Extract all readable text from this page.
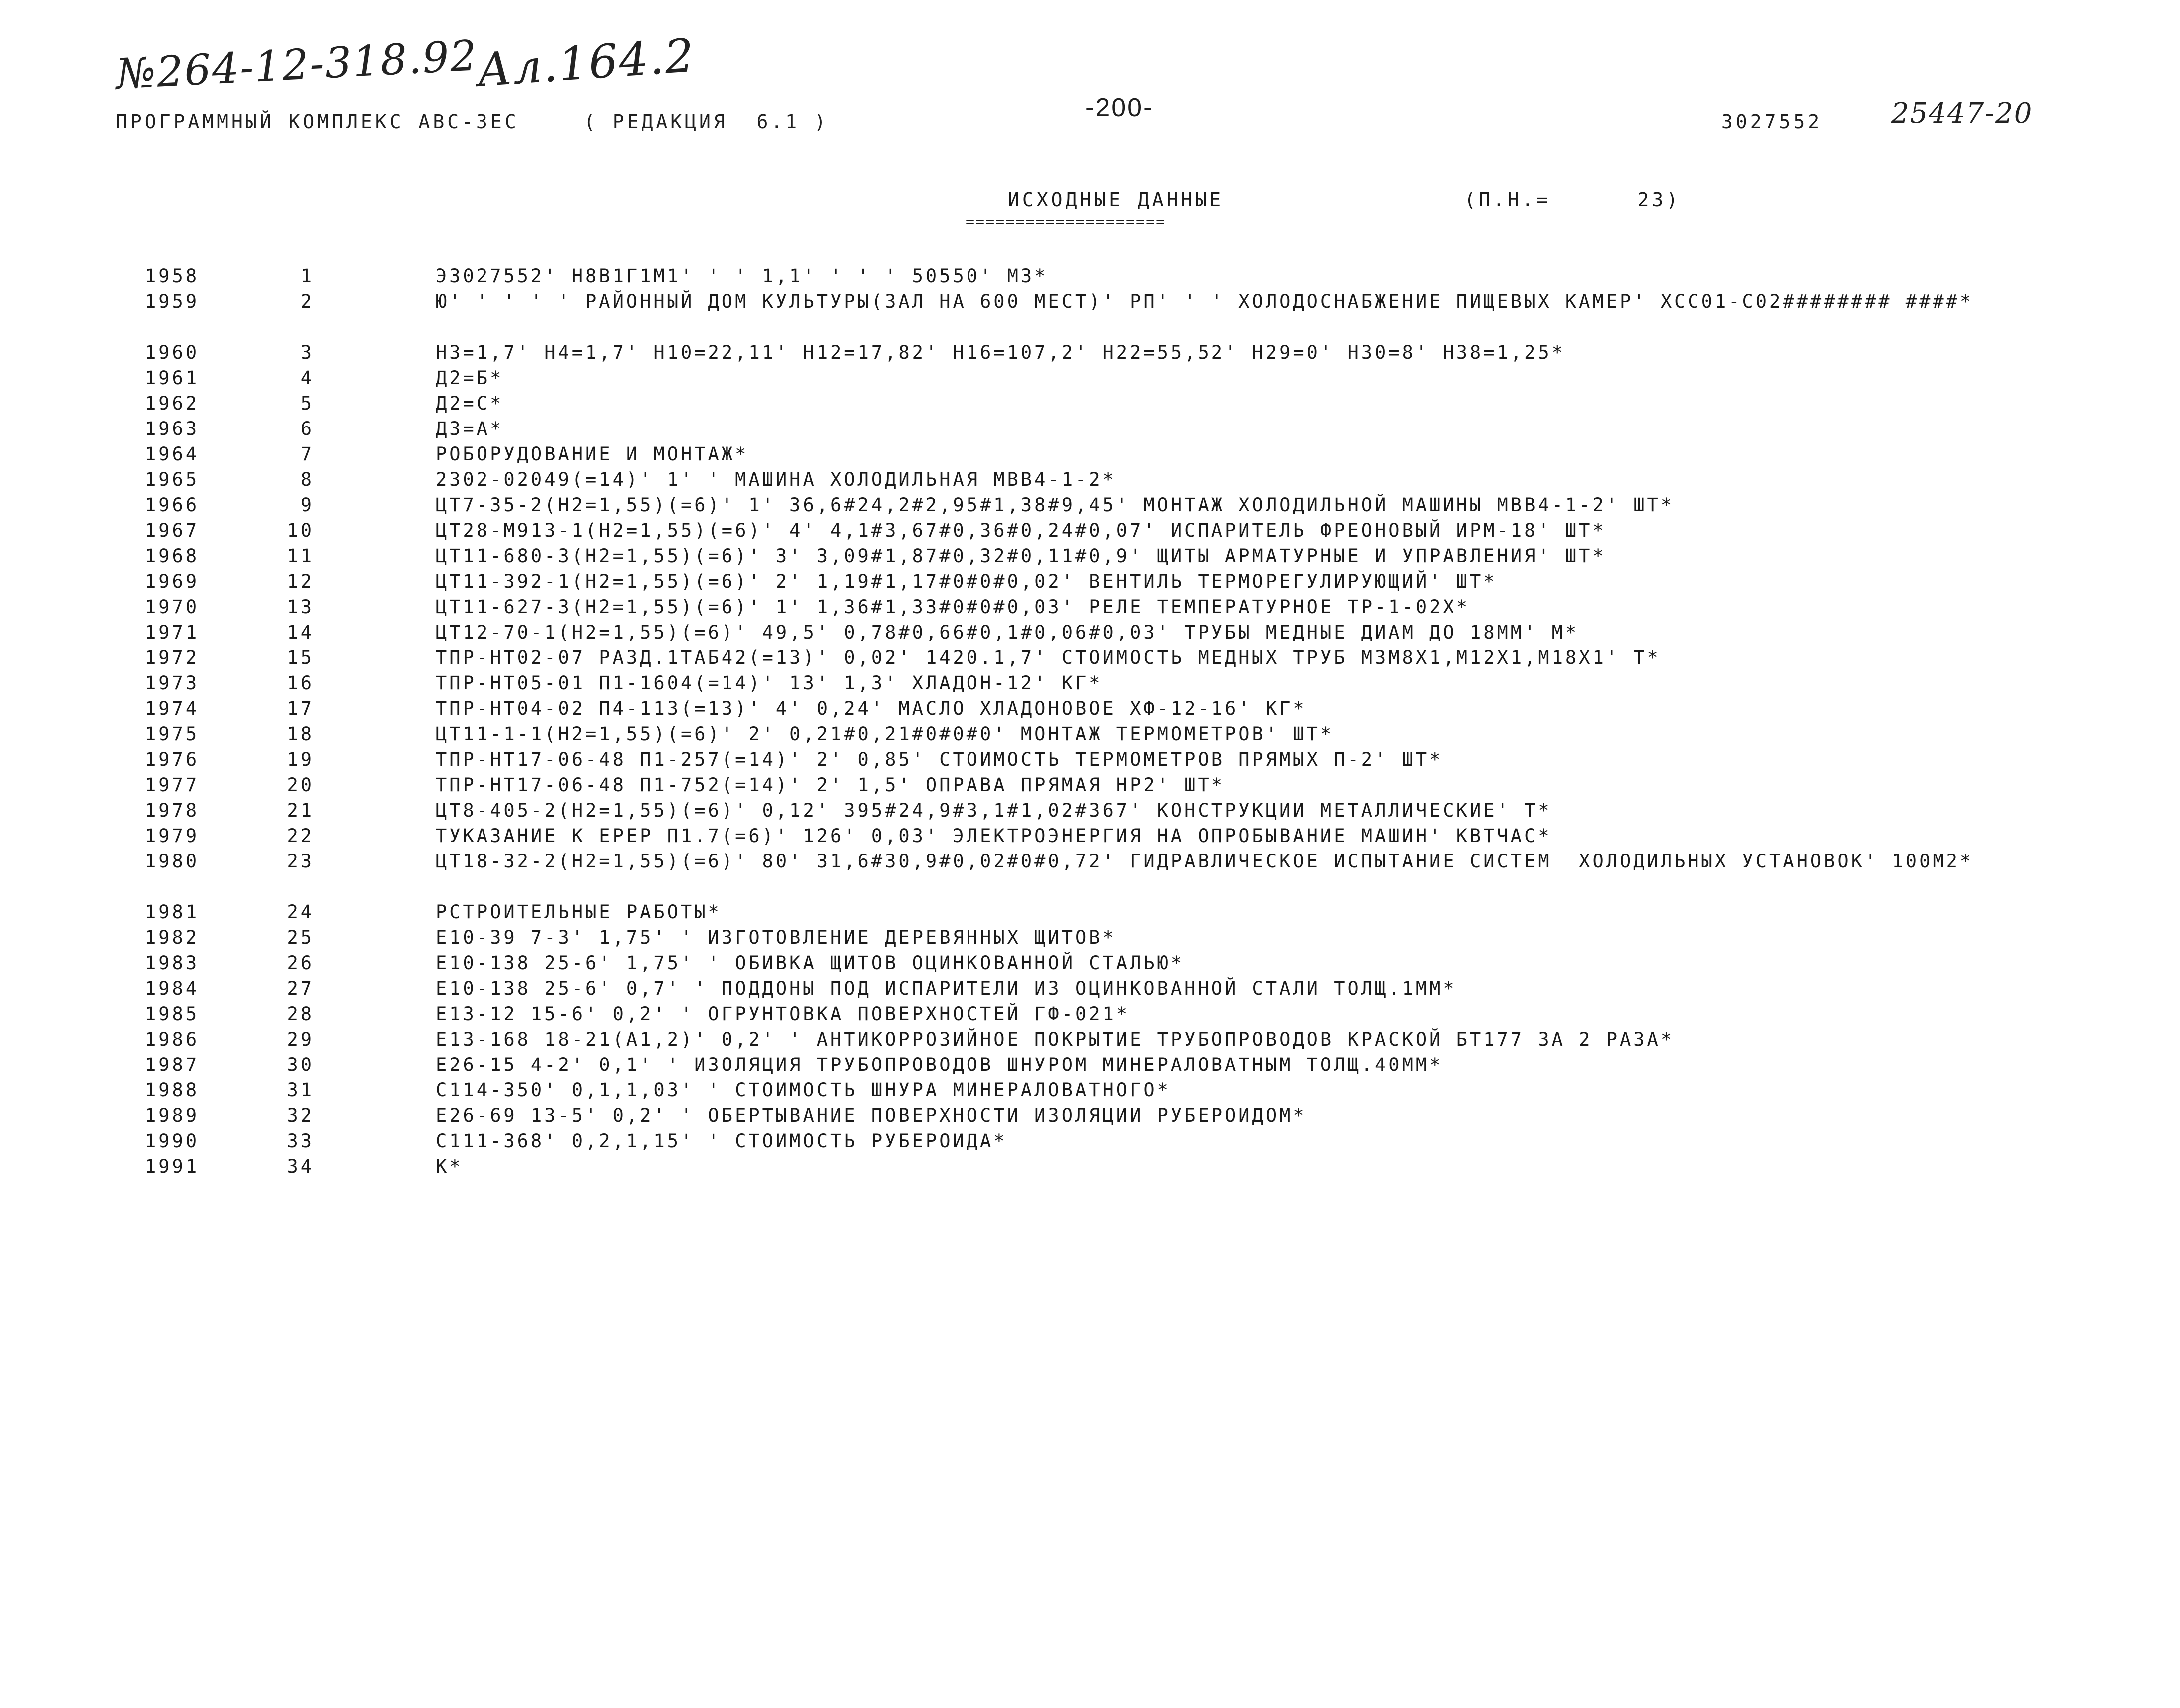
№264-12-318.92
Ал.164.2
25447-20
ПРОГРАММНЫЙ КОМПЛЕКС АВС-3ЕС	( РЕДАКЦИЯ  6.1 )	-200-	3027552
ИСХОДНЫЕ ДАННЫЕ
====================
(П.Н.=      23)
1958	1	Э3027552' Н8В1Г1М1' ' ' 1,1' ' ' ' 50550' М3*
1959	2	Ю' ' ' ' ' РАЙОННЫЙ ДОМ КУЛЬТУРЫ(ЗАЛ НА 600 МЕСТ)' РП' ' ' ХОЛОДОСНАБЖЕНИЕ ПИЩЕВЫХ КАМЕР' ХСС01-С02######## ####*
1960	3	Н3=1,7' Н4=1,7' Н10=22,11' Н12=17,82' Н16=107,2' Н22=55,52' Н29=0' Н30=8' Н38=1,25*
1961	4	Д2=Б*
1962	5	Д2=С*
1963	6	Д3=А*
1964	7	РОБОРУДОВАНИЕ И МОНТАЖ*
1965	8	2302-02049(=14)' 1' ' МАШИНА ХОЛОДИЛЬНАЯ МВВ4-1-2*
1966	9	ЦТ7-35-2(Н2=1,55)(=6)' 1' 36,6#24,2#2,95#1,38#9,45' МОНТАЖ ХОЛОДИЛЬНОЙ МАШИНЫ МВВ4-1-2' ШТ*
1967	10	ЦТ28-М913-1(Н2=1,55)(=6)' 4' 4,1#3,67#0,36#0,24#0,07' ИСПАРИТЕЛЬ ФРЕОНОВЫЙ ИРМ-18' ШТ*
1968	11	ЦТ11-680-3(Н2=1,55)(=6)' 3' 3,09#1,87#0,32#0,11#0,9' ЩИТЫ АРМАТУРНЫЕ И УПРАВЛЕНИЯ' ШТ*
1969	12	ЦТ11-392-1(Н2=1,55)(=6)' 2' 1,19#1,17#0#0#0,02' ВЕНТИЛЬ ТЕРМОРЕГУЛИРУЮЩИЙ' ШТ*
1970	13	ЦТ11-627-3(Н2=1,55)(=6)' 1' 1,36#1,33#0#0#0,03' РЕЛЕ ТЕМПЕРАТУРНОЕ ТР-1-02Х*
1971	14	ЦТ12-70-1(Н2=1,55)(=6)' 49,5' 0,78#0,66#0,1#0,06#0,03' ТРУБЫ МЕДНЫЕ ДИАМ ДО 18ММ' М*
1972	15	ТПР-НТ02-07 РАЗД.1ТАБ42(=13)' 0,02' 1420.1,7' СТОИМОСТЬ МЕДНЫХ ТРУБ М3М8Х1,М12Х1,М18Х1' Т*
1973	16	ТПР-НТ05-01 П1-1604(=14)' 13' 1,3' ХЛАДОН-12' КГ*
1974	17	ТПР-НТ04-02 П4-113(=13)' 4' 0,24' МАСЛО ХЛАДОНОВОЕ ХФ-12-16' КГ*
1975	18	ЦТ11-1-1(Н2=1,55)(=6)' 2' 0,21#0,21#0#0#0' МОНТАЖ ТЕРМОМЕТРОВ' ШТ*
1976	19	ТПР-НТ17-06-48 П1-257(=14)' 2' 0,85' СТОИМОСТЬ ТЕРМОМЕТРОВ ПРЯМЫХ П-2' ШТ*
1977	20	ТПР-НТ17-06-48 П1-752(=14)' 2' 1,5' ОПРАВА ПРЯМАЯ НР2' ШТ*
1978	21	ЦТ8-405-2(Н2=1,55)(=6)' 0,12' 395#24,9#3,1#1,02#367' КОНСТРУКЦИИ МЕТАЛЛИЧЕСКИЕ' Т*
1979	22	ТУКАЗАНИЕ К ЕРЕР П1.7(=6)' 126' 0,03' ЭЛЕКТРОЭНЕРГИЯ НА ОПРОБЫВАНИЕ МАШИН' КВТЧАС*
1980	23	ЦТ18-32-2(Н2=1,55)(=6)' 80' 31,6#30,9#0,02#0#0,72' ГИДРАВЛИЧЕСКОЕ ИСПЫТАНИЕ СИСТЕМ  ХОЛОДИЛЬНЫХ УСТАНОВОК' 100М2*
1981	24	РСТРОИТЕЛЬНЫЕ РАБОТЫ*
1982	25	Е10-39 7-3' 1,75' ' ИЗГОТОВЛЕНИЕ ДЕРЕВЯННЫХ ЩИТОВ*
1983	26	Е10-138 25-6' 1,75' ' ОБИВКА ЩИТОВ ОЦИНКОВАННОЙ СТАЛЬЮ*
1984	27	Е10-138 25-6' 0,7' ' ПОДДОНЫ ПОД ИСПАРИТЕЛИ ИЗ ОЦИНКОВАННОЙ СТАЛИ ТОЛЩ.1ММ*
1985	28	Е13-12 15-6' 0,2' ' ОГРУНТОВКА ПОВЕРХНОСТЕЙ ГФ-021*
1986	29	Е13-168 18-21(А1,2)' 0,2' ' АНТИКОРРОЗИЙНОЕ ПОКРЫТИЕ ТРУБОПРОВОДОВ КРАСКОЙ БТ177 ЗА 2 РАЗА*
1987	30	Е26-15 4-2' 0,1' ' ИЗОЛЯЦИЯ ТРУБОПРОВОДОВ ШНУРОМ МИНЕРАЛОВАТНЫМ ТОЛЩ.40ММ*
1988	31	С114-350' 0,1,1,03' ' СТОИМОСТЬ ШНУРА МИНЕРАЛОВАТНОГО*
1989	32	Е26-69 13-5' 0,2' ' ОБЕРТЫВАНИЕ ПОВЕРХНОСТИ ИЗОЛЯЦИИ РУБЕРОИДОМ*
1990	33	С111-368' 0,2,1,15' ' СТОИМОСТЬ РУБЕРОИДА*
1991	34	К*
